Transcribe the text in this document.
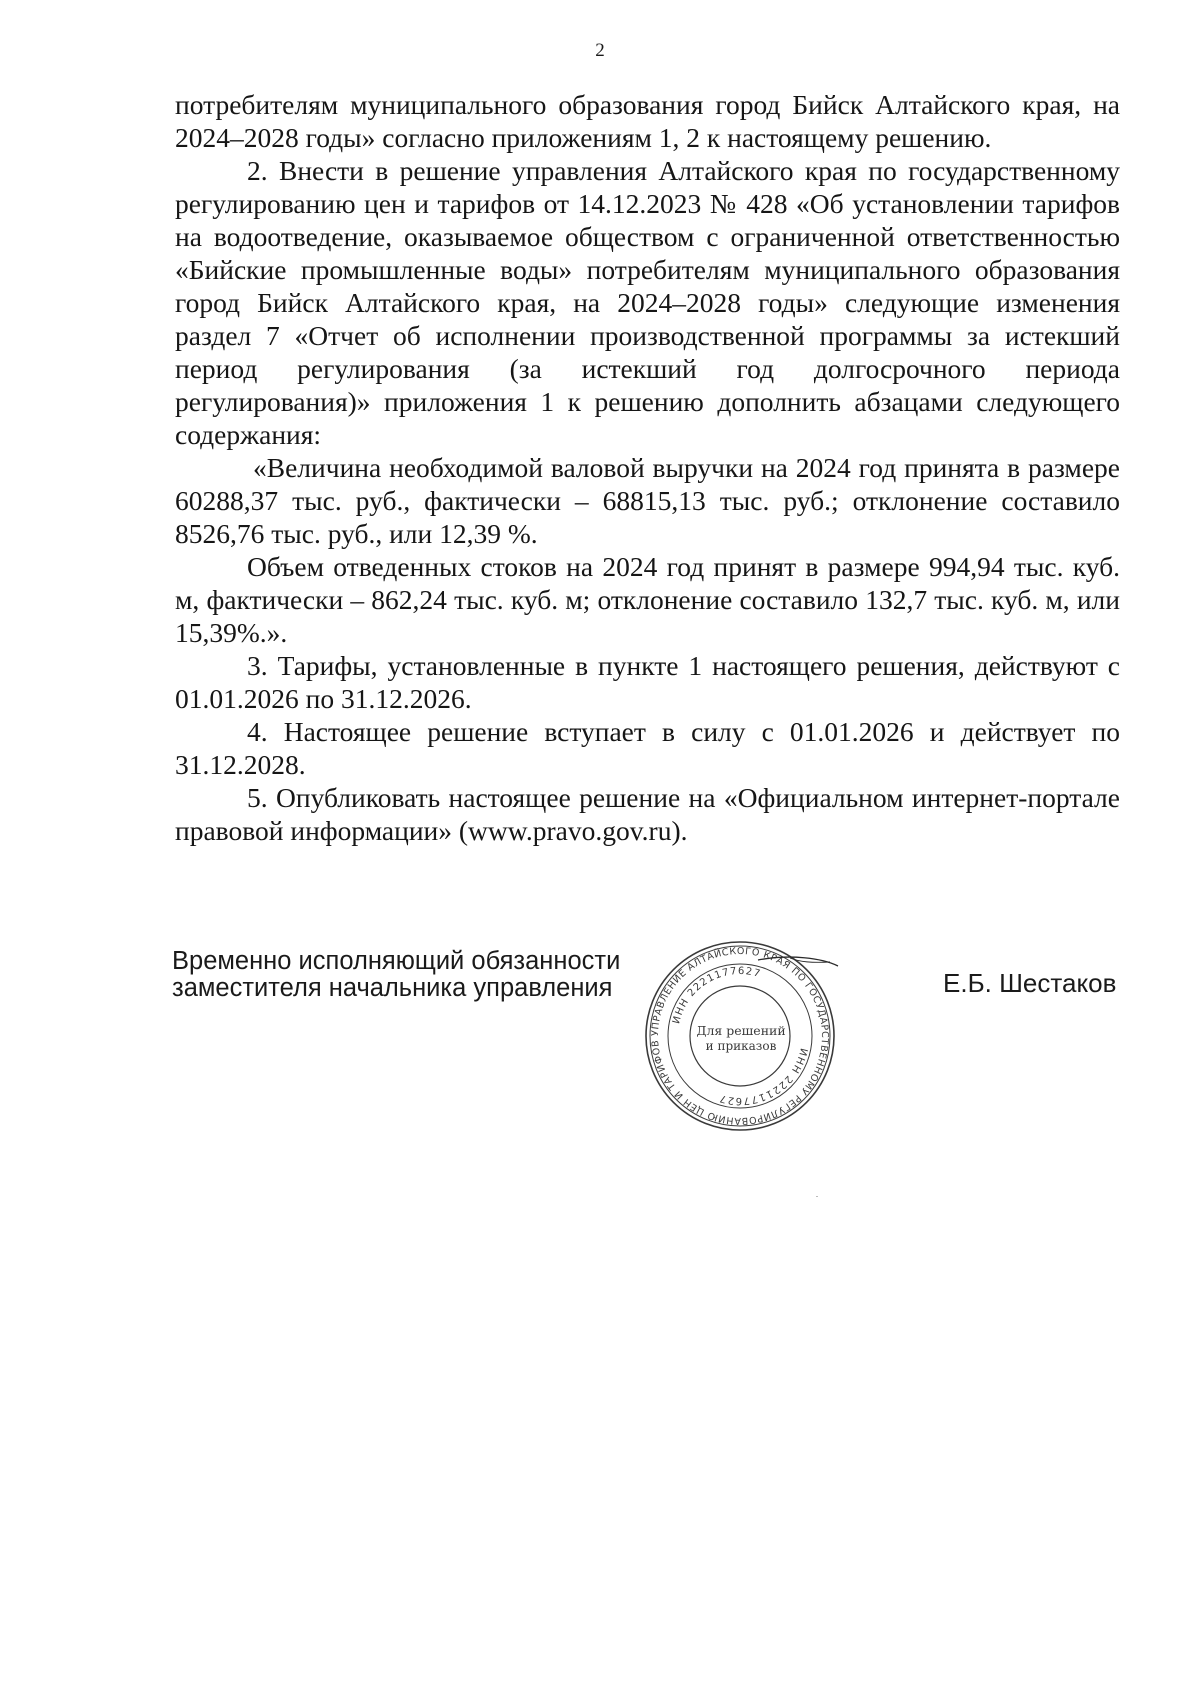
2

потребителям муниципального образования город Бийск Алтайского края, на 2024–2028 годы» согласно приложениям 1, 2 к настоящему решению.

2. Внести в решение управления Алтайского края по государственному регулированию цен и тарифов от 14.12.2023 № 428 «Об установлении тарифов на водоотведение, оказываемое обществом с ограниченной ответственностью «Бийские промышленные воды» потребителям муниципального образования город Бийск Алтайского края, на 2024–2028 годы» следующие изменения раздел 7 «Отчет об исполнении производственной программы за истекший период регулирования (за истекший год долгосрочного периода регулирования)» приложения 1 к решению дополнить абзацами следующего содержания:

«Величина необходимой валовой выручки на 2024 год принята в размере 60288,37 тыс. руб., фактически – 68815,13 тыс. руб.; отклонение составило 8526,76 тыс. руб., или 12,39 %.

Объем отведенных стоков на 2024 год принят в размере 994,94 тыс. куб. м, фактически – 862,24 тыс. куб. м; отклонение составило 132,7 тыс. куб. м, или 15,39%.».

3. Тарифы, установленные в пункте 1 настоящего решения, действуют с 01.01.2026 по 31.12.2026.

4. Настоящее решение вступает в силу с 01.01.2026 и действует по 31.12.2028.

5. Опубликовать настоящее решение на «Официальном интернет-портале правовой информации» (www.pravo.gov.ru).

Временно исполняющий обязанности
заместителя начальника управления
УПРАВЛЕНИЕ АЛТАЙСКОГО КРАЯ ПО ГОСУДАРСТВЕННОМУ РЕГУЛИРОВАНИЮ ЦЕН И ТАРИФОВ
ИНН 2221177627
ИНН 2221177627
Для решений
и приказов
Е.Б. Шестаков
